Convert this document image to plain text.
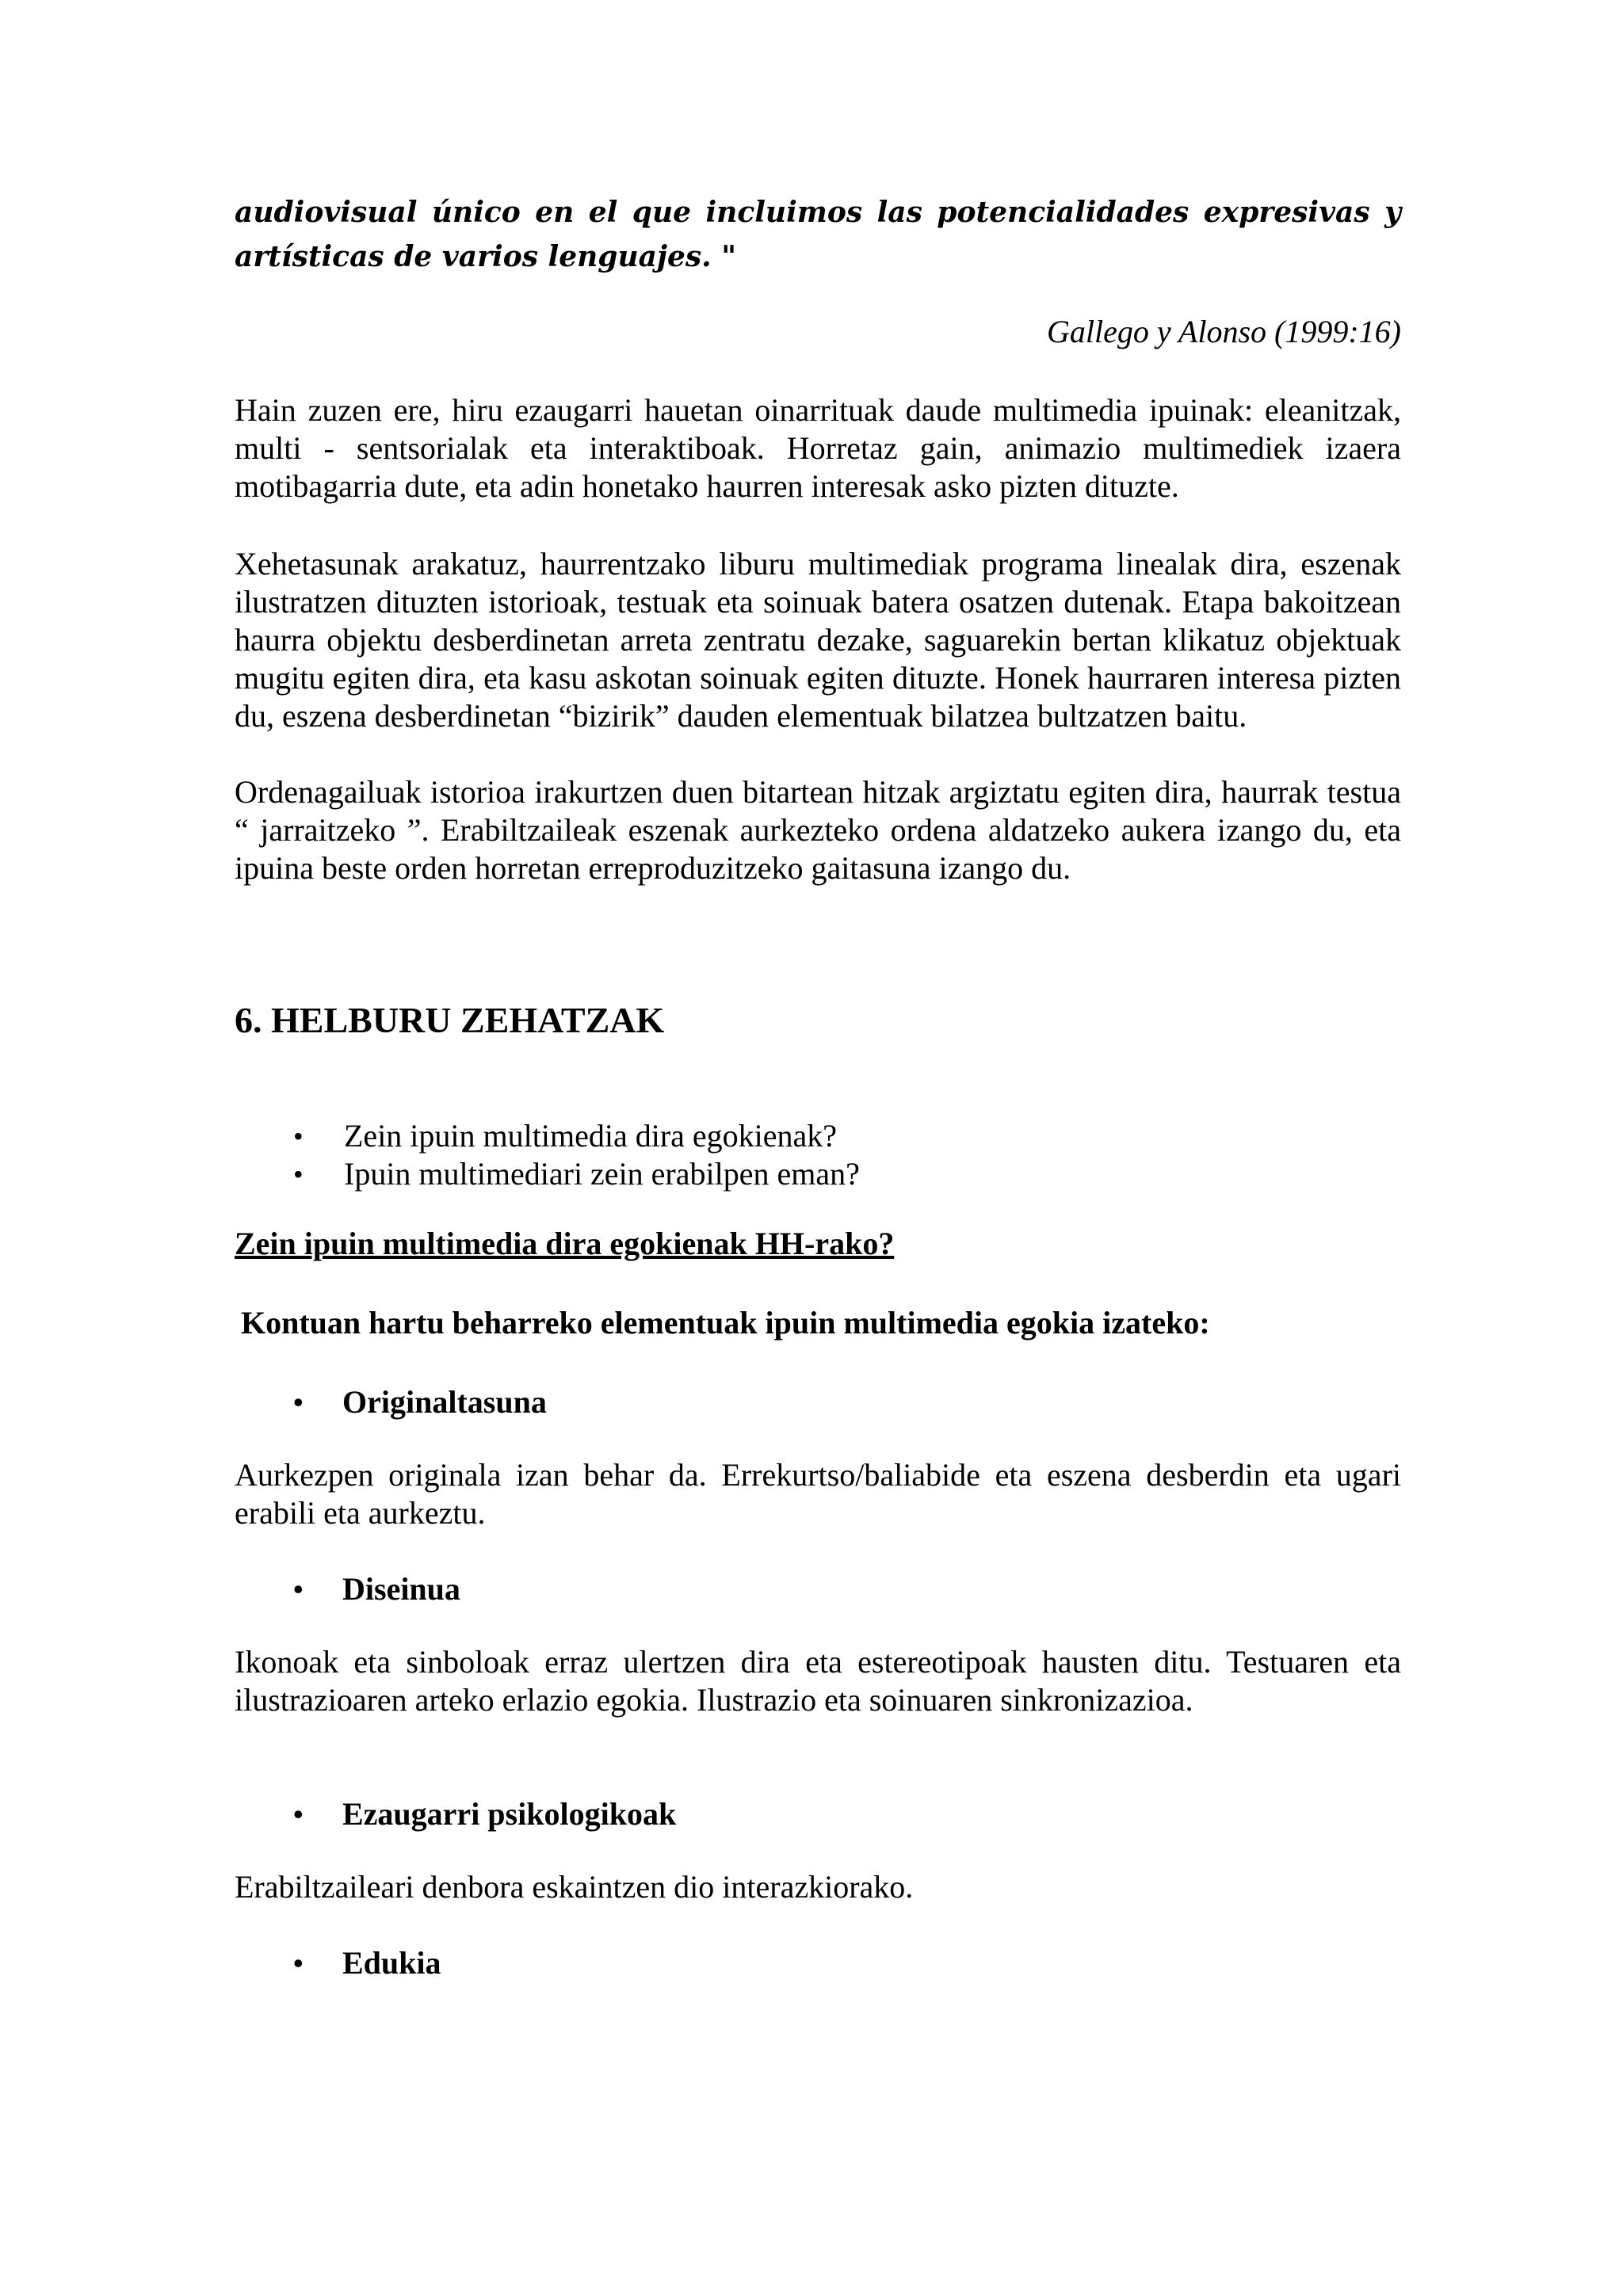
audiovisual único en el que incluimos las potencialidades expresivas y
artísticas de varios lenguajes. "
Gallego y Alonso (1999:16)

Hain zuzen ere, hiru ezaugarri hauetan oinarrituak daude multimedia ipuinak: eleanitzak, multi - sentsorialak eta interaktiboak. Horretaz gain, animazio multimediek izaera motibagarria dute, eta adin honetako haurren interesak asko pizten dituzte.

Xehetasunak arakatuz, haurrentzako liburu multimediak programa linealak dira, eszenak ilustratzen dituzten istorioak, testuak eta soinuak batera osatzen dutenak. Etapa bakoitzean haurra objektu desberdinetan arreta zentratu dezake, saguarekin bertan klikatuz objektuak mugitu egiten dira, eta kasu askotan soinuak egiten dituzte. Honek haurraren interesa pizten du, eszena desberdinetan “bizirik” dauden elementuak bilatzea bultzatzen baitu.

Ordenagailuak istorioa irakurtzen duen bitartean hitzak argiztatu egiten dira, haurrak testua “ jarraitzeko ”. Erabiltzaileak eszenak aurkezteko ordena aldatzeko aukera izango du, eta ipuina beste orden horretan erreproduzitzeko gaitasuna izango du.

6. HELBURU ZEHATZAK
• Zein ipuin multimedia dira egokienak?
• Ipuin multimediari zein erabilpen eman?
Zein ipuin multimedia dira egokienak HH-rako?
Kontuan hartu beharreko elementuak ipuin multimedia egokia izateko:
• Originaltasuna

Aurkezpen originala izan behar da. Errekurtso/baliabide eta eszena desberdin eta ugari erabili eta aurkeztu.

• Diseinua

Ikonoak eta sinboloak erraz ulertzen dira eta estereotipoak hausten ditu. Testuaren eta ilustrazioaren arteko erlazio egokia. Ilustrazio eta soinuaren sinkronizazioa.

• Ezaugarri psikologikoak

Erabiltzaileari denbora eskaintzen dio interazkiorako.

• Edukia
